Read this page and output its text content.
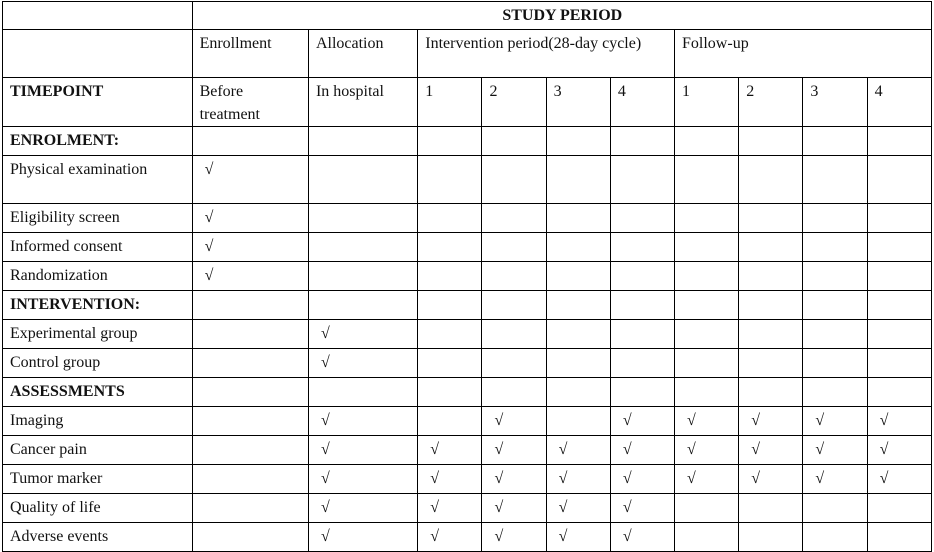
	STUDY PERIOD									
	Enrollment	Allocation	Intervention period(28-day cycle)				Follow-up			
TIMEPOINT	Before treatment	In hospital	1	2	3	4	1	2	3	4
ENROLMENT:										
Physical examination	√									
Eligibility screen	√									
Informed consent	√									
Randomization	√									
INTERVENTION:										
Experimental group		√								
Control group		√								
ASSESSMENTS										
Imaging		√		√		√	√	√	√	√
Cancer pain		√	√	√	√	√	√	√	√	√
Tumor marker		√	√	√	√	√	√	√	√	√
Quality of life		√	√	√	√	√				
Adverse events		√	√	√	√	√				
